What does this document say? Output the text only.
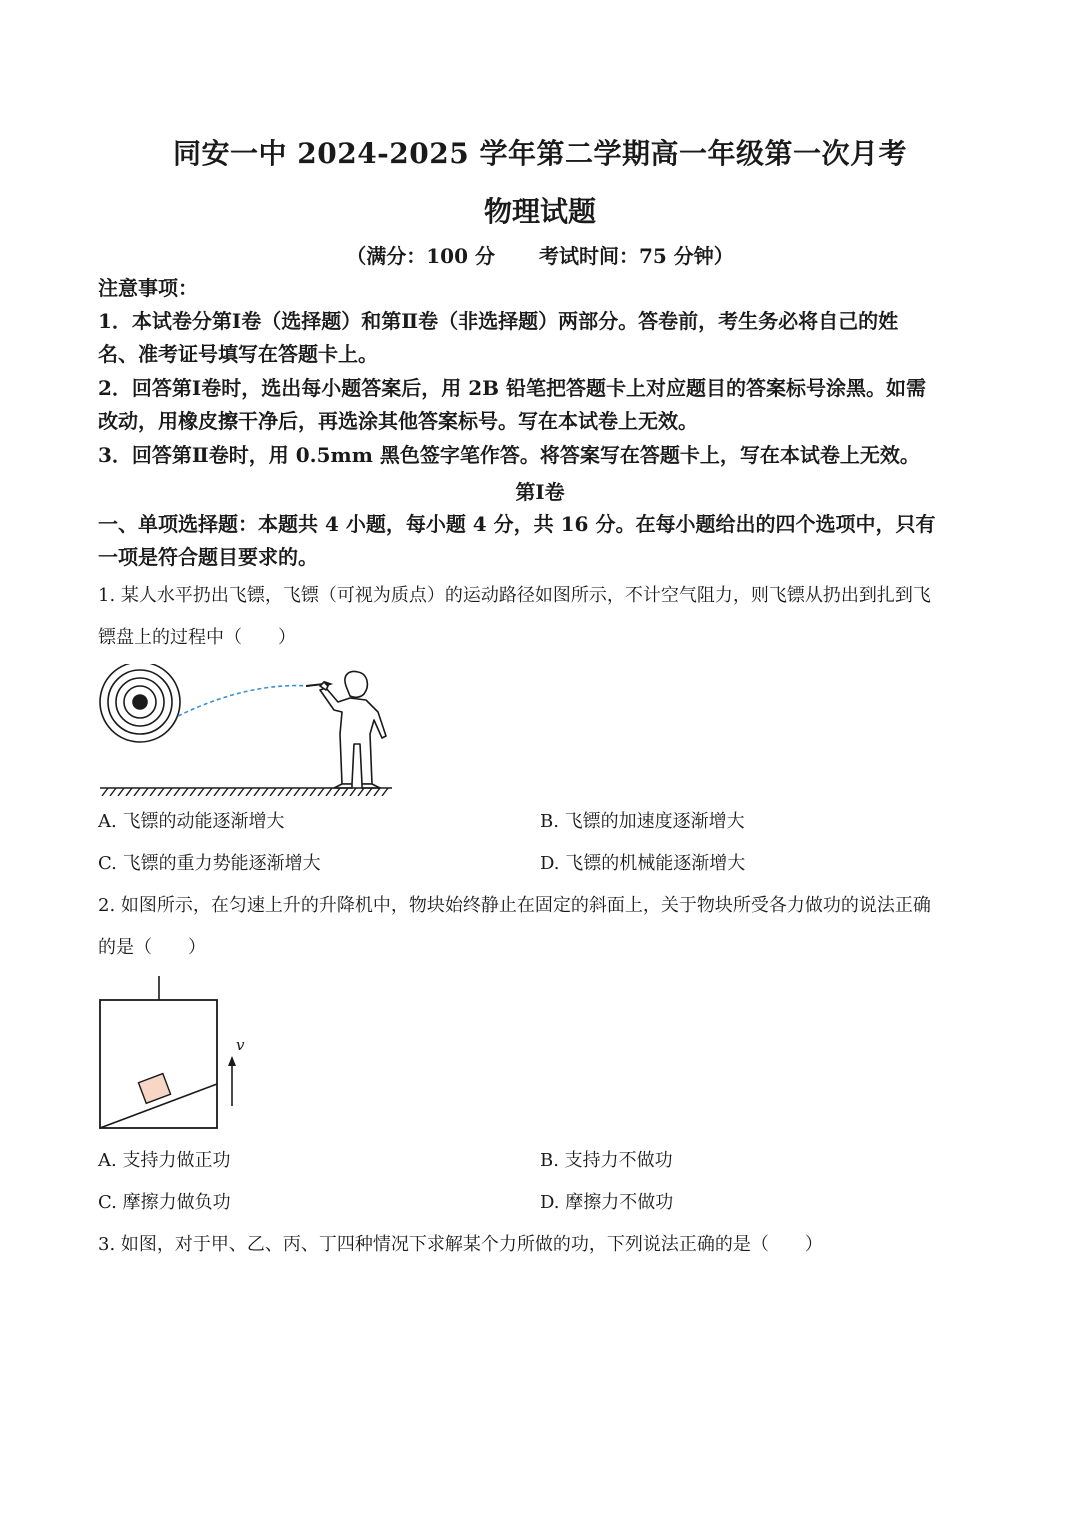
同安一中 2024-2025 学年第二学期高一年级第一次月考
物理试题
（满分：100 分 考试时间：75 分钟）
注意事项：
1．本试卷分第Ⅰ卷（选择题）和第Ⅱ卷（非选择题）两部分。答卷前，考生务必将自己的姓
名、准考证号填写在答题卡上。
2．回答第Ⅰ卷时，选出每小题答案后，用 2B 铅笔把答题卡上对应题目的答案标号涂黑。如需
改动，用橡皮擦干净后，再选涂其他答案标号。写在本试卷上无效。
3．回答第Ⅱ卷时，用 0.5mm 黑色签字笔作答。将答案写在答题卡上，写在本试卷上无效。
第Ⅰ卷
一、单项选择题：本题共 4 小题，每小题 4 分，共 16 分。在每小题给出的四个选项中，只有
一项是符合题目要求的。
1. 某人水平扔出飞镖，飞镖（可视为质点）的运动路径如图所示，不计空气阻力，则飞镖从扔出到扎到飞
镖盘上的过程中（　　）
A. 飞镖的动能逐渐增大	B. 飞镖的加速度逐渐增大
C. 飞镖的重力势能逐渐增大	D. 飞镖的机械能逐渐增大
2. 如图所示，在匀速上升的升降机中，物块始终静止在固定的斜面上，关于物块所受各力做功的说法正确
的是（　　）
v
A. 支持力做正功	B. 支持力不做功
C. 摩擦力做负功	D. 摩擦力不做功
3. 如图，对于甲、乙、丙、丁四种情况下求解某个力所做的功，下列说法正确的是（　　）
